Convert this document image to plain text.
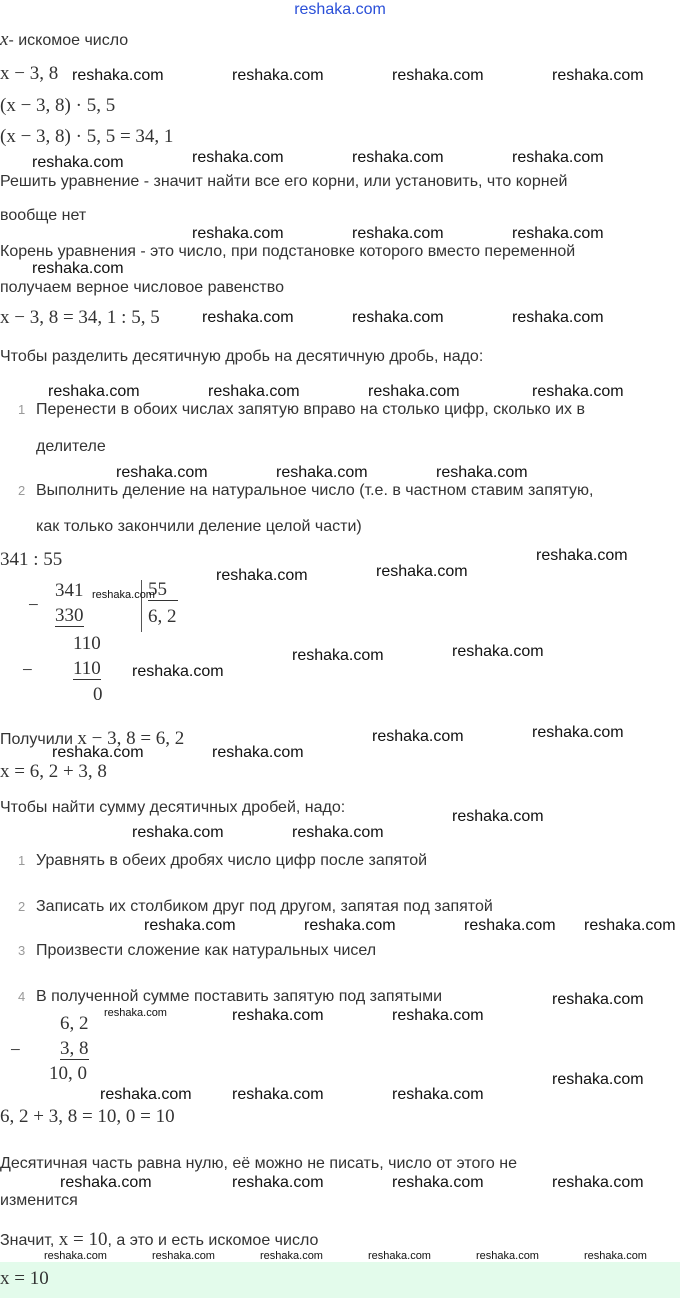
reshaka.com
x- искомое число
x − 3, 8
(x − 3, 8) · 5, 5
(x − 3, 8) · 5, 5 = 34, 1
Решить уравнение - значит найти все его корни, или установить, что корней
вообще нет
Корень уравнения - это число, при подстановке которого вместо переменной
получаем верное числовое равенство
x − 3, 8 = 34, 1 : 5, 5
Чтобы разделить десятичную дробь на десятичную дробь, надо:
1 Перенести в обоих числах запятую вправо на столько цифр, сколько их в
делителе
2 Выполнить деление на натуральное число (т.е. в частном ставим запятую,
как только закончили деление целой части)
341 : 55
−
341
330
55
6, 2
110
− 110
0
Получили x − 3, 8 = 6, 2
x = 6, 2 + 3, 8
Чтобы найти сумму десятичных дробей, надо:
1 Уравнять в обеих дробях число цифр после запятой
2 Записать их столбиком друг под другом, запятая под запятой
3 Произвести сложение как натуральных чисел
4 В полученной сумме поставить запятую под запятыми
6, 2
− 3, 8
10, 0
6, 2 + 3, 8 = 10, 0 = 10
Десятичная часть равна нулю, её можно не писать, число от этого не
изменится
Значит, x = 10, а это и есть искомое число
x = 10
reshaka.com	reshaka.com	reshaka.com	reshaka.com
reshaka.com	reshaka.com	reshaka.com	reshaka.com
reshaka.com	reshaka.com	reshaka.com
reshaka.com
reshaka.com	reshaka.com	reshaka.com
reshaka.com	reshaka.com	reshaka.com	reshaka.com
reshaka.com	reshaka.com	reshaka.com
reshaka.com
reshaka.com	reshaka.com
reshaka.com
reshaka.com	reshaka.com
reshaka.com
reshaka.com	reshaka.com
reshaka.com	reshaka.com
reshaka.com
reshaka.com	reshaka.com
reshaka.com	reshaka.com	reshaka.com reshaka.com
reshaka.com
reshaka.com	reshaka.com
reshaka.com
reshaka.com
reshaka.com	reshaka.com	reshaka.com
reshaka.com	reshaka.com	reshaka.com	reshaka.com
reshaka.com	reshaka.com	reshaka.com	reshaka.com	reshaka.com	reshaka.com
